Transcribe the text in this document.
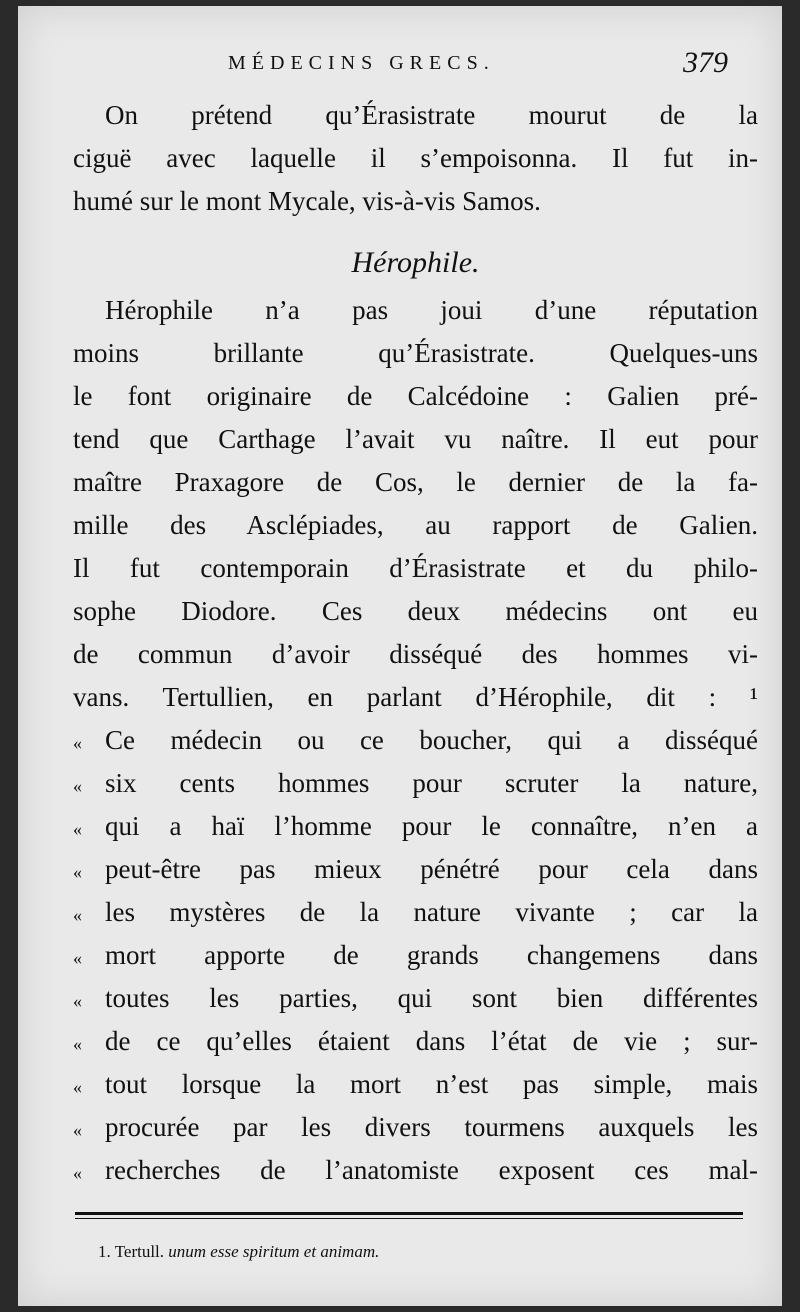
MÉDECINS GRECS.	379
On prétend qu’Érasistrate mourut de la
ciguë avec laquelle il s’empoisonna. Il fut in-
humé sur le mont Mycale, vis-à-vis Samos.
Hérophile.
Hérophile n’a pas joui d’une réputation
moins brillante qu’Érasistrate. Quelques-uns
le font originaire de Calcédoine : Galien pré-
tend que Carthage l’avait vu naître. Il eut pour
maître Praxagore de Cos, le dernier de la fa-
mille des Asclépiades, au rapport de Galien.
Il fut contemporain d’Érasistrate et du philo-
sophe Diodore. Ces deux médecins ont eu
de commun d’avoir disséqué des hommes vi-
vans. Tertullien, en parlant d’Hérophile, dit : ¹
« Ce médecin ou ce boucher, qui a disséqué
« six cents hommes pour scruter la nature,
« qui a haï l’homme pour le connaître, n’en a
« peut-être pas mieux pénétré pour cela dans
« les mystères de la nature vivante ; car la
« mort apporte de grands changemens dans
« toutes les parties, qui sont bien différentes
« de ce qu’elles étaient dans l’état de vie ; sur-
« tout lorsque la mort n’est pas simple, mais
« procurée par les divers tourmens auxquels les
« recherches de l’anatomiste exposent ces mal-
1. Tertull. unum esse spiritum et animam.
